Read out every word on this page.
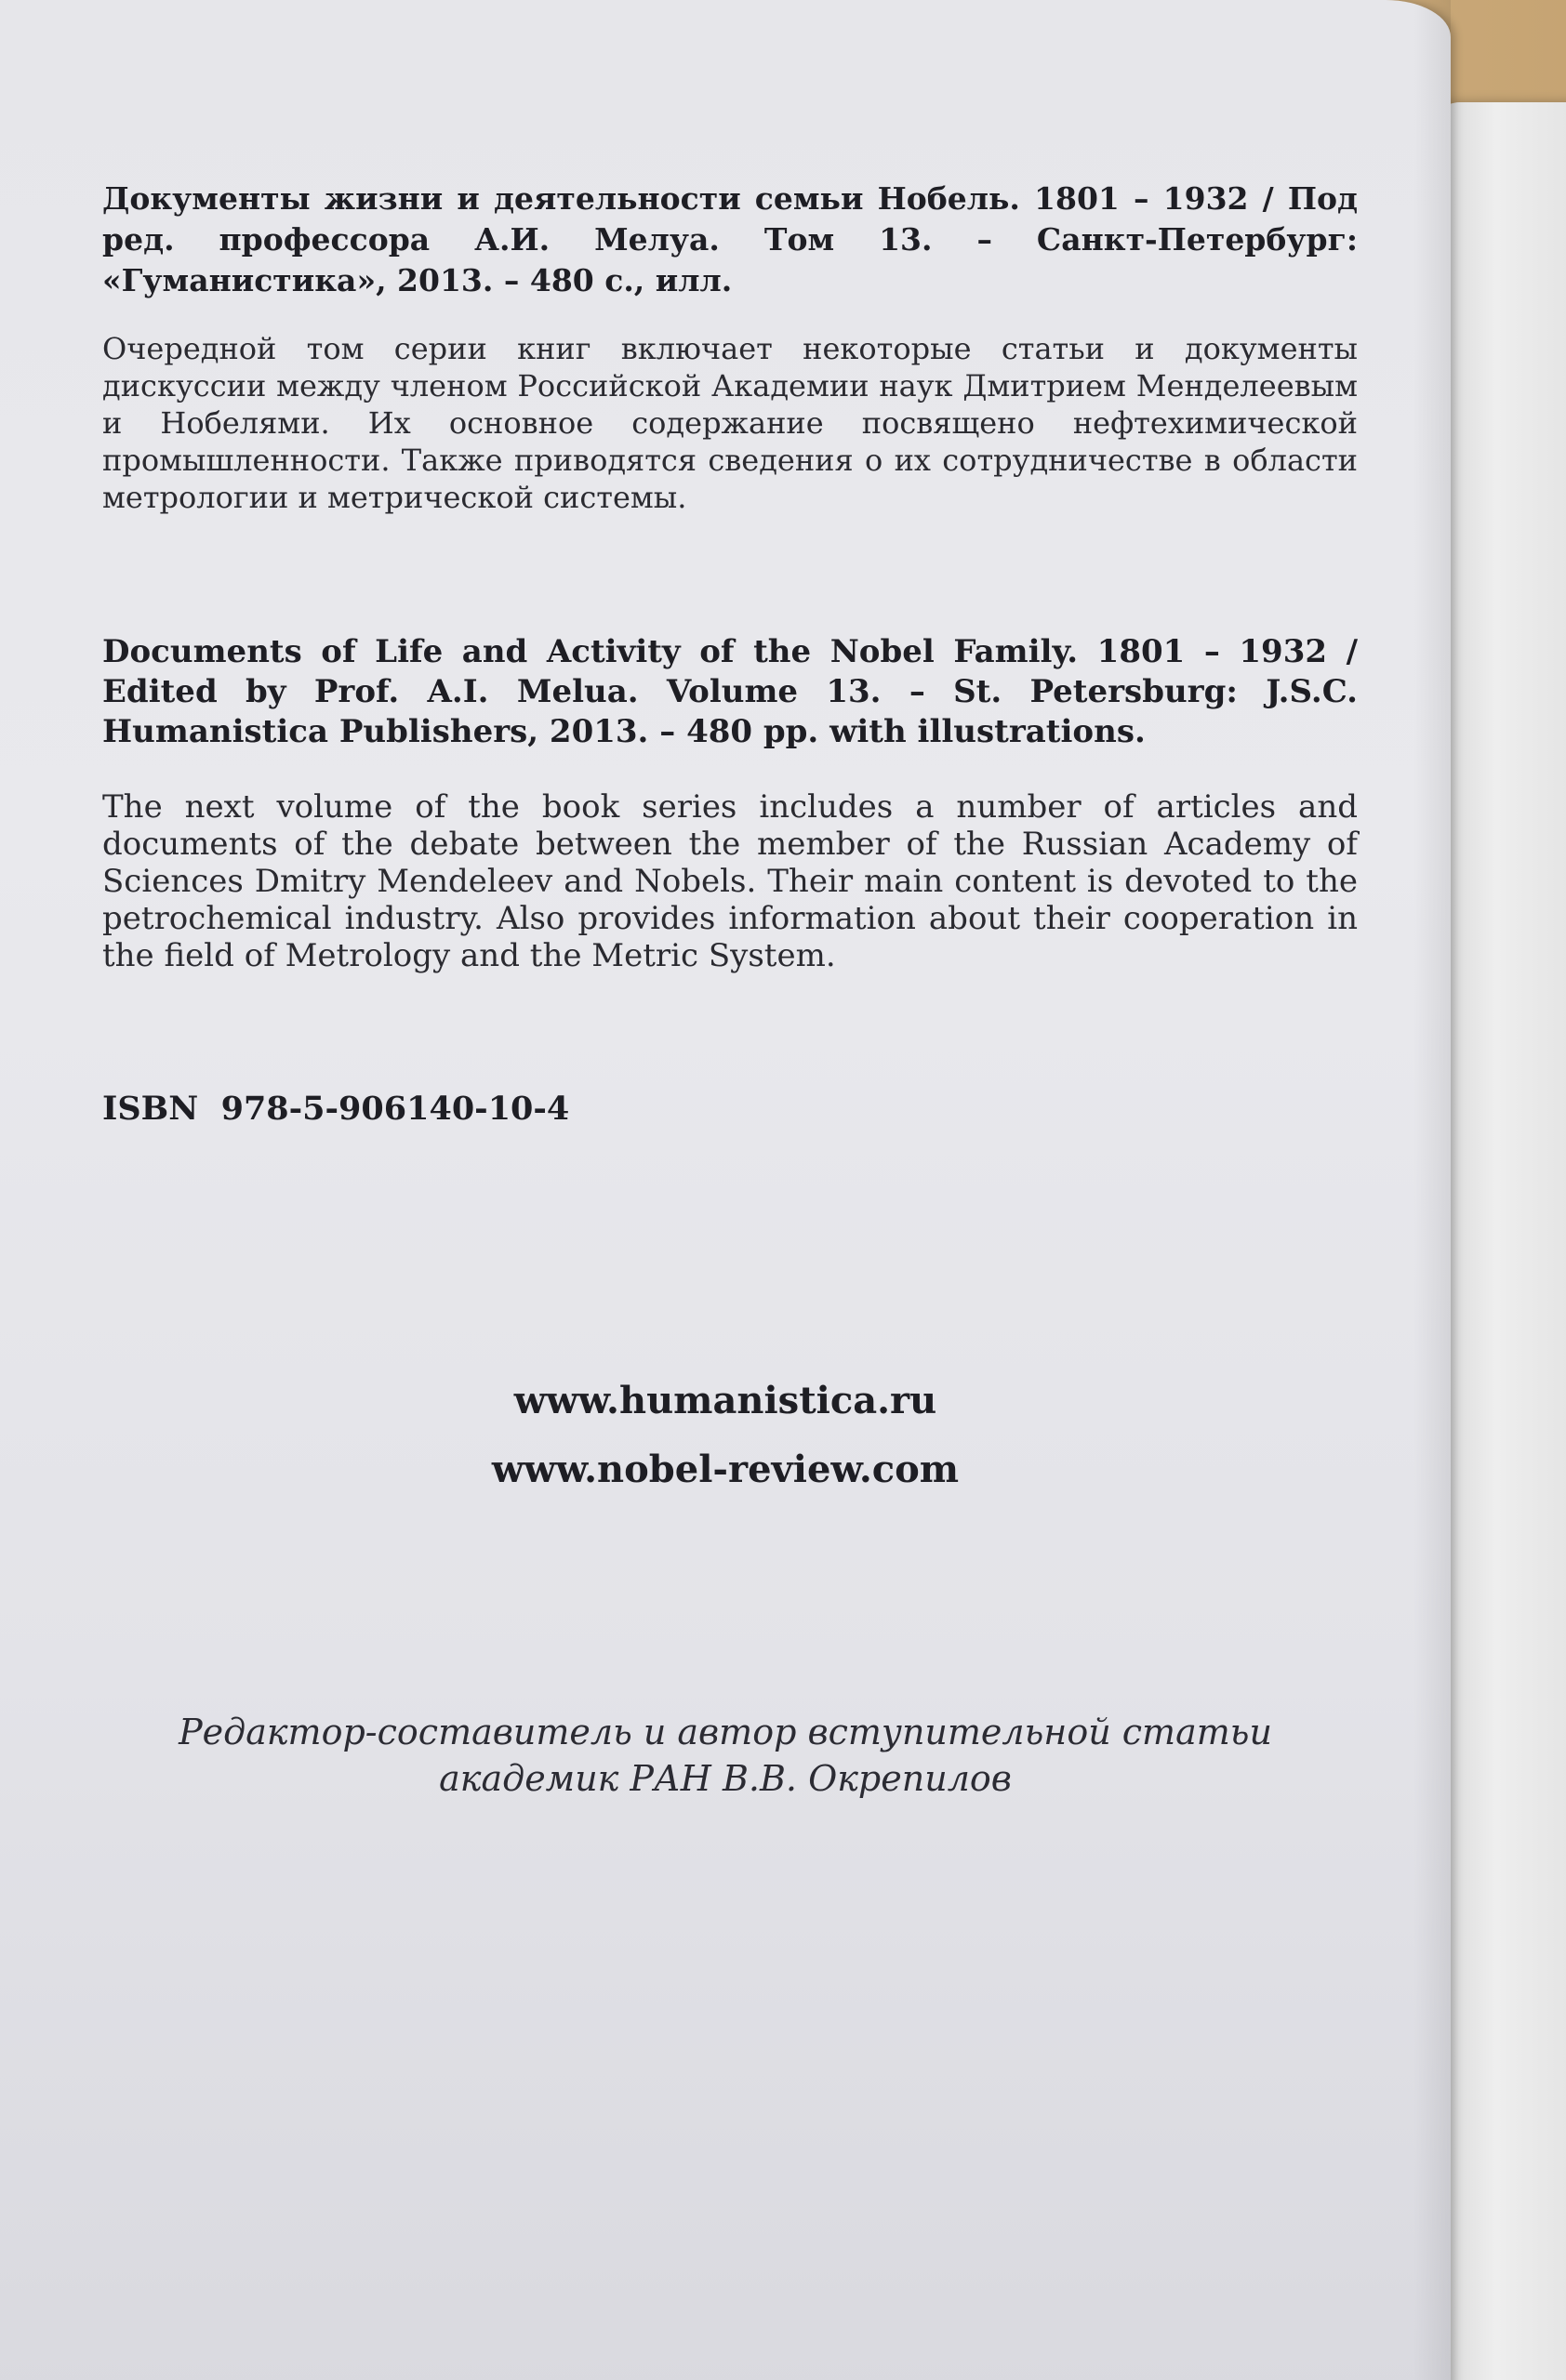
Документы жизни и деятельности семьи Нобель. 1801 – 1932 / Под ред. профессора А.И. Мелуа. Том 13. – Санкт-Петербург: «Гуманистика», 2013. – 480 с., илл.
Очередной том серии книг включает некоторые статьи и документы дискуссии между членом Российской Академии наук Дмитрием Менделеевым и Нобелями. Их основное содержание посвящено нефтехимической промышленности. Также приводятся сведения о их сотрудничестве в области метрологии и метрической системы.
Documents of Life and Activity of the Nobel Family. 1801 – 1932 / Edited by Prof. A.I. Melua. Volume 13. – St. Petersburg: J.S.C. Humanistica Publishers, 2013. – 480 pp. with illustrations.
The next volume of the book series includes a number of articles and documents of the debate between the member of the Russian Academy of Sciences Dmitry Mendeleev and Nobels. Their main content is devoted to the petrochemical industry. Also provides information about their cooperation in the field of Metrology and the Metric System.
ISBN  978-5-906140-10-4
www.humanistica.ru
www.nobel-review.com
Редактор-составитель и автор вступительной статьи
академик РАН В.В. Окрепилов
